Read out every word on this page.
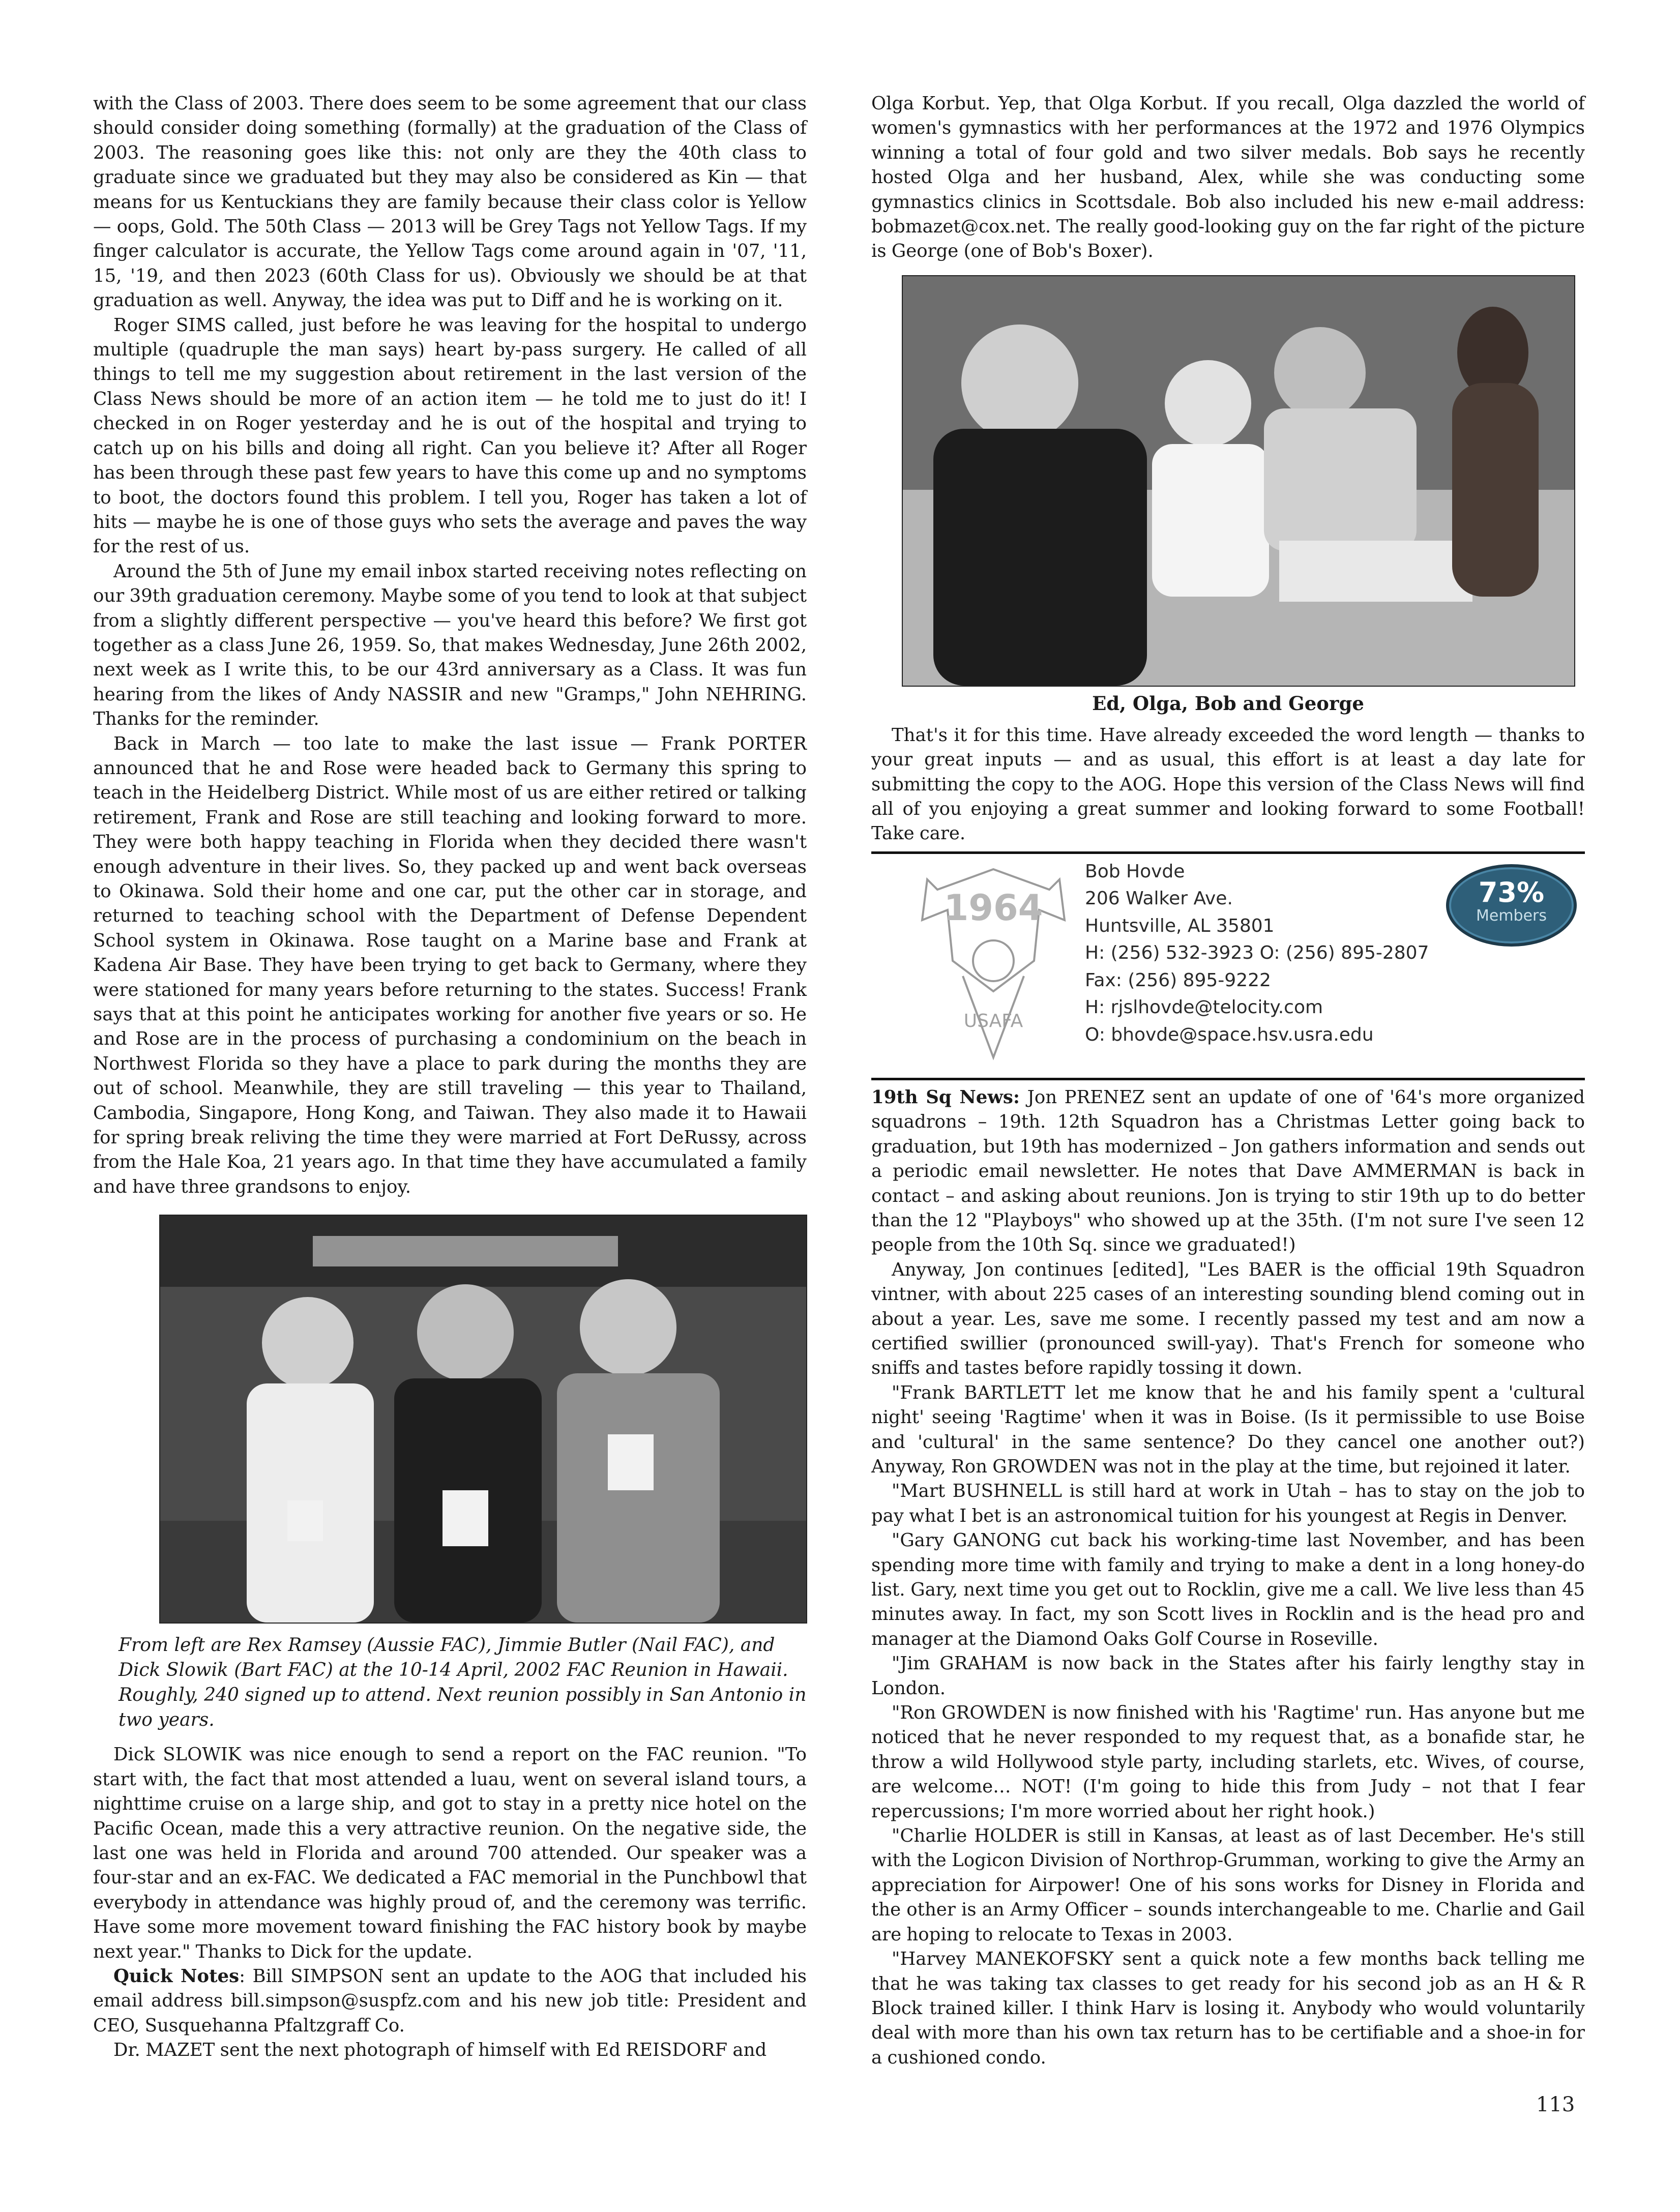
with the Class of 2003. There does seem to be some agreement that our class should consider doing something (formally) at the graduation of the Class of 2003. The reasoning goes like this: not only are they the 40th class to graduate since we graduated but they may also be considered as Kin — that means for us Kentuckians they are family because their class color is Yellow — oops, Gold. The 50th Class — 2013 will be Grey Tags not Yellow Tags. If my finger calculator is accurate, the Yellow Tags come around again in '07, '11, 15, '19, and then 2023 (60th Class for us). Obviously we should be at that graduation as well. Anyway, the idea was put to Diff and he is working on it.

Roger SIMS called, just before he was leaving for the hospital to undergo multiple (quadruple the man says) heart by-pass surgery. He called of all things to tell me my suggestion about retirement in the last version of the Class News should be more of an action item — he told me to just do it! I checked in on Roger yesterday and he is out of the hospital and trying to catch up on his bills and doing all right. Can you believe it? After all Roger has been through these past few years to have this come up and no symptoms to boot, the doctors found this problem. I tell you, Roger has taken a lot of hits — maybe he is one of those guys who sets the average and paves the way for the rest of us.

Around the 5th of June my email inbox started receiving notes reflecting on our 39th graduation ceremony. Maybe some of you tend to look at that subject from a slightly different perspective — you've heard this before? We first got together as a class June 26, 1959. So, that makes Wednesday, June 26th 2002, next week as I write this, to be our 43rd anniversary as a Class. It was fun hearing from the likes of Andy NASSIR and new "Gramps," John NEHRING. Thanks for the reminder.

Back in March — too late to make the last issue — Frank PORTER announced that he and Rose were headed back to Germany this spring to teach in the Heidelberg District. While most of us are either retired or talking retirement, Frank and Rose are still teaching and looking forward to more. They were both happy teaching in Florida when they decided there wasn't enough adventure in their lives. So, they packed up and went back overseas to Okinawa. Sold their home and one car, put the other car in storage, and returned to teaching school with the Department of Defense Dependent School system in Okinawa. Rose taught on a Marine base and Frank at Kadena Air Base. They have been trying to get back to Germany, where they were stationed for many years before returning to the states. Success! Frank says that at this point he anticipates working for another five years or so. He and Rose are in the process of purchasing a condominium on the beach in Northwest Florida so they have a place to park during the months they are out of school. Meanwhile, they are still traveling — this year to Thailand, Cambodia, Singapore, Hong Kong, and Taiwan. They also made it to Hawaii for spring break reliving the time they were married at Fort DeRussy, across from the Hale Koa, 21 years ago. In that time they have accumulated a family and have three grandsons to enjoy.

From left are Rex Ramsey (Aussie FAC), Jimmie Butler (Nail FAC), and Dick Slowik (Bart FAC) at the 10-14 April, 2002 FAC Reunion in Hawaii. Roughly, 240 signed up to attend. Next reunion possibly in San Antonio in two years.

Dick SLOWIK was nice enough to send a report on the FAC reunion. "To start with, the fact that most attended a luau, went on several island tours, a nighttime cruise on a large ship, and got to stay in a pretty nice hotel on the Pacific Ocean, made this a very attractive reunion. On the negative side, the last one was held in Florida and around 700 attended. Our speaker was a four-star and an ex-FAC. We dedicated a FAC memorial in the Punchbowl that everybody in attendance was highly proud of, and the ceremony was terrific. Have some more movement toward finishing the FAC history book by maybe next year." Thanks to Dick for the update.

Quick Notes: Bill SIMPSON sent an update to the AOG that included his email address bill.simpson@suspfz.com and his new job title: President and CEO, Susquehanna Pfaltzgraff Co.

Dr. MAZET sent the next photograph of himself with Ed REISDORF and

Olga Korbut. Yep, that Olga Korbut. If you recall, Olga dazzled the world of women's gymnastics with her performances at the 1972 and 1976 Olympics winning a total of four gold and two silver medals. Bob says he recently hosted Olga and her husband, Alex, while she was conducting some gymnastics clinics in Scottsdale. Bob also included his new e-mail address: bobmazet@cox.net. The really good-looking guy on the far right of the picture is George (one of Bob's Boxer).

Ed, Olga, Bob and George

That's it for this time. Have already exceeded the word length — thanks to your great inputs — and as usual, this effort is at least a day late for submitting the copy to the AOG. Hope this version of the Class News will find all of you enjoying a great summer and looking forward to some Football! Take care.

1964
USAFA
Bob Hovde
206 Walker Ave.
Huntsville, AL 35801
H: (256) 532-3923 O: (256) 895-2807
Fax: (256) 895-9222
H: rjslhovde@telocity.com
O: bhovde@space.hsv.usra.edu
73%
Members

19th Sq News: Jon PRENEZ sent an update of one of '64's more organized squadrons – 19th. 12th Squadron has a Christmas Letter going back to graduation, but 19th has modernized – Jon gathers information and sends out a periodic email newsletter. He notes that Dave AMMERMAN is back in contact – and asking about reunions. Jon is trying to stir 19th up to do better than the 12 "Playboys" who showed up at the 35th. (I'm not sure I've seen 12 people from the 10th Sq. since we graduated!)

Anyway, Jon continues [edited], "Les BAER is the official 19th Squadron vintner, with about 225 cases of an interesting sounding blend coming out in about a year. Les, save me some. I recently passed my test and am now a certified swillier (pronounced swill-yay). That's French for someone who sniffs and tastes before rapidly tossing it down.

"Frank BARTLETT let me know that he and his family spent a 'cultural night' seeing 'Ragtime' when it was in Boise. (Is it permissible to use Boise and 'cultural' in the same sentence? Do they cancel one another out?) Anyway, Ron GROWDEN was not in the play at the time, but rejoined it later.

"Mart BUSHNELL is still hard at work in Utah – has to stay on the job to pay what I bet is an astronomical tuition for his youngest at Regis in Denver.

"Gary GANONG cut back his working-time last November, and has been spending more time with family and trying to make a dent in a long honey-do list. Gary, next time you get out to Rocklin, give me a call. We live less than 45 minutes away. In fact, my son Scott lives in Rocklin and is the head pro and manager at the Diamond Oaks Golf Course in Roseville.

"Jim GRAHAM is now back in the States after his fairly lengthy stay in London.

"Ron GROWDEN is now finished with his 'Ragtime' run. Has anyone but me noticed that he never responded to my request that, as a bonafide star, he throw a wild Hollywood style party, including starlets, etc. Wives, of course, are welcome… NOT! (I'm going to hide this from Judy – not that I fear repercussions; I'm more worried about her right hook.)

"Charlie HOLDER is still in Kansas, at least as of last December. He's still with the Logicon Division of Northrop-Grumman, working to give the Army an appreciation for Airpower! One of his sons works for Disney in Florida and the other is an Army Officer – sounds interchangeable to me. Charlie and Gail are hoping to relocate to Texas in 2003.

"Harvey MANEKOFSKY sent a quick note a few months back telling me that he was taking tax classes to get ready for his second job as an H & R Block trained killer. I think Harv is losing it. Anybody who would voluntarily deal with more than his own tax return has to be certifiable and a shoe-in for a cushioned condo.

113
